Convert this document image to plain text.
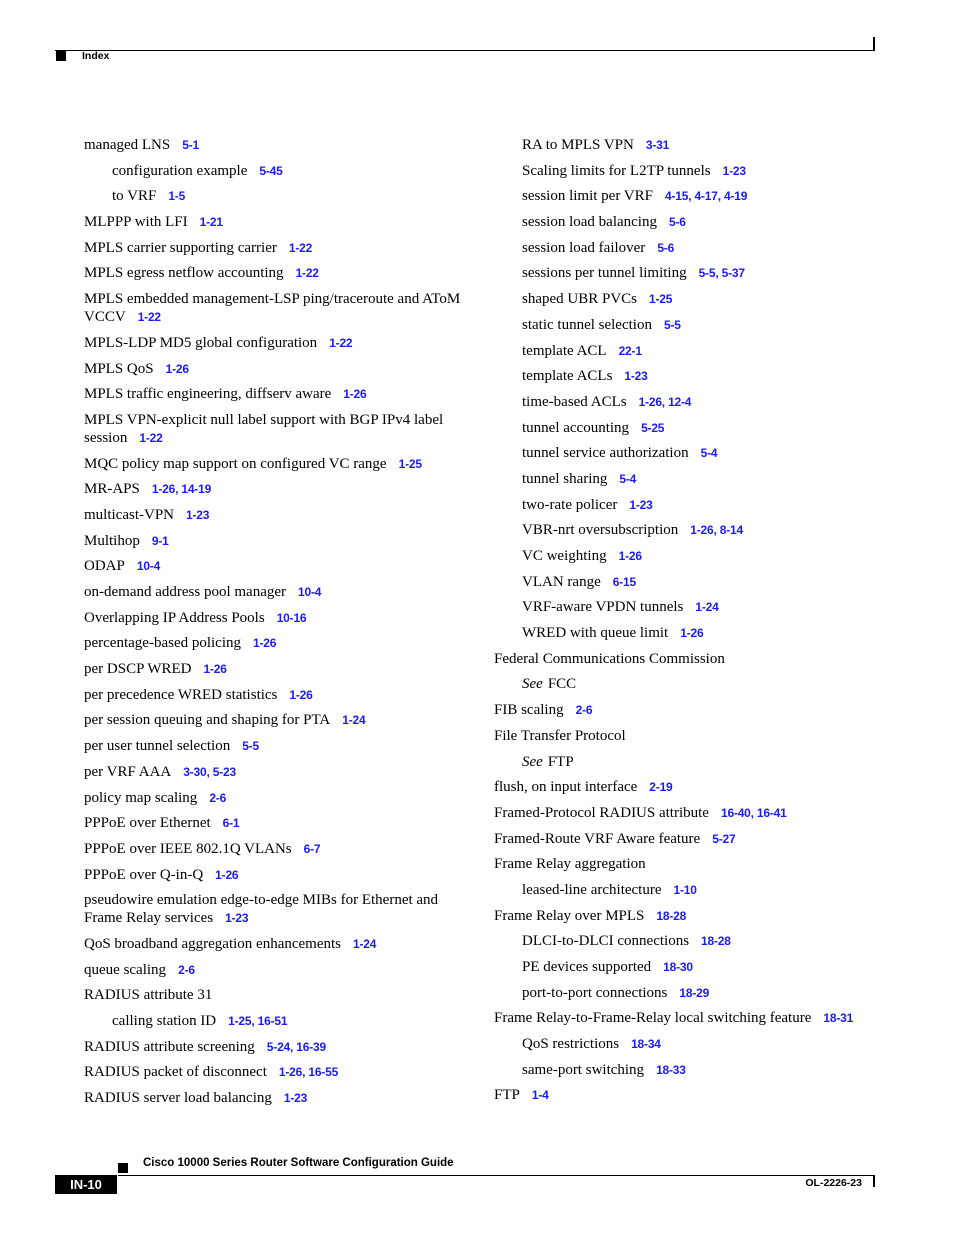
Index
managed LNS 5-1
configuration example 5-45
to VRF 1-5
MLPPP with LFI 1-21
MPLS carrier supporting carrier 1-22
MPLS egress netflow accounting 1-22
MPLS embedded management-LSP ping/traceroute and AToM VCCV 1-22
MPLS-LDP MD5 global configuration 1-22
MPLS QoS 1-26
MPLS traffic engineering, diffserv aware 1-26
MPLS VPN-explicit null label support with BGP IPv4 label session 1-22
MQC policy map support on configured VC range 1-25
MR-APS 1-26, 14-19
multicast-VPN 1-23
Multihop 9-1
ODAP 10-4
on-demand address pool manager 10-4
Overlapping IP Address Pools 10-16
percentage-based policing 1-26
per DSCP WRED 1-26
per precedence WRED statistics 1-26
per session queuing and shaping for PTA 1-24
per user tunnel selection 5-5
per VRF AAA 3-30, 5-23
policy map scaling 2-6
PPPoE over Ethernet 6-1
PPPoE over IEEE 802.1Q VLANs 6-7
PPPoE over Q-in-Q 1-26
pseudowire emulation edge-to-edge MIBs for Ethernet and Frame Relay services 1-23
QoS broadband aggregation enhancements 1-24
queue scaling 2-6
RADIUS attribute 31
calling station ID 1-25, 16-51
RADIUS attribute screening 5-24, 16-39
RADIUS packet of disconnect 1-26, 16-55
RADIUS server load balancing 1-23
RA to MPLS VPN 3-31
Scaling limits for L2TP tunnels 1-23
session limit per VRF 4-15, 4-17, 4-19
session load balancing 5-6
session load failover 5-6
sessions per tunnel limiting 5-5, 5-37
shaped UBR PVCs 1-25
static tunnel selection 5-5
template ACL 22-1
template ACLs 1-23
time-based ACLs 1-26, 12-4
tunnel accounting 5-25
tunnel service authorization 5-4
tunnel sharing 5-4
two-rate policer 1-23
VBR-nrt oversubscription 1-26, 8-14
VC weighting 1-26
VLAN range 6-15
VRF-aware VPDN tunnels 1-24
WRED with queue limit 1-26
Federal Communications Commission
See FCC
FIB scaling 2-6
File Transfer Protocol
See FTP
flush, on input interface 2-19
Framed-Protocol RADIUS attribute 16-40, 16-41
Framed-Route VRF Aware feature 5-27
Frame Relay aggregation
leased-line architecture 1-10
Frame Relay over MPLS 18-28
DLCI-to-DLCI connections 18-28
PE devices supported 18-30
port-to-port connections 18-29
Frame Relay-to-Frame-Relay local switching feature 18-31
QoS restrictions 18-34
same-port switching 18-33
FTP 1-4
Cisco 10000 Series Router Software Configuration Guide
IN-10	OL-2226-23
